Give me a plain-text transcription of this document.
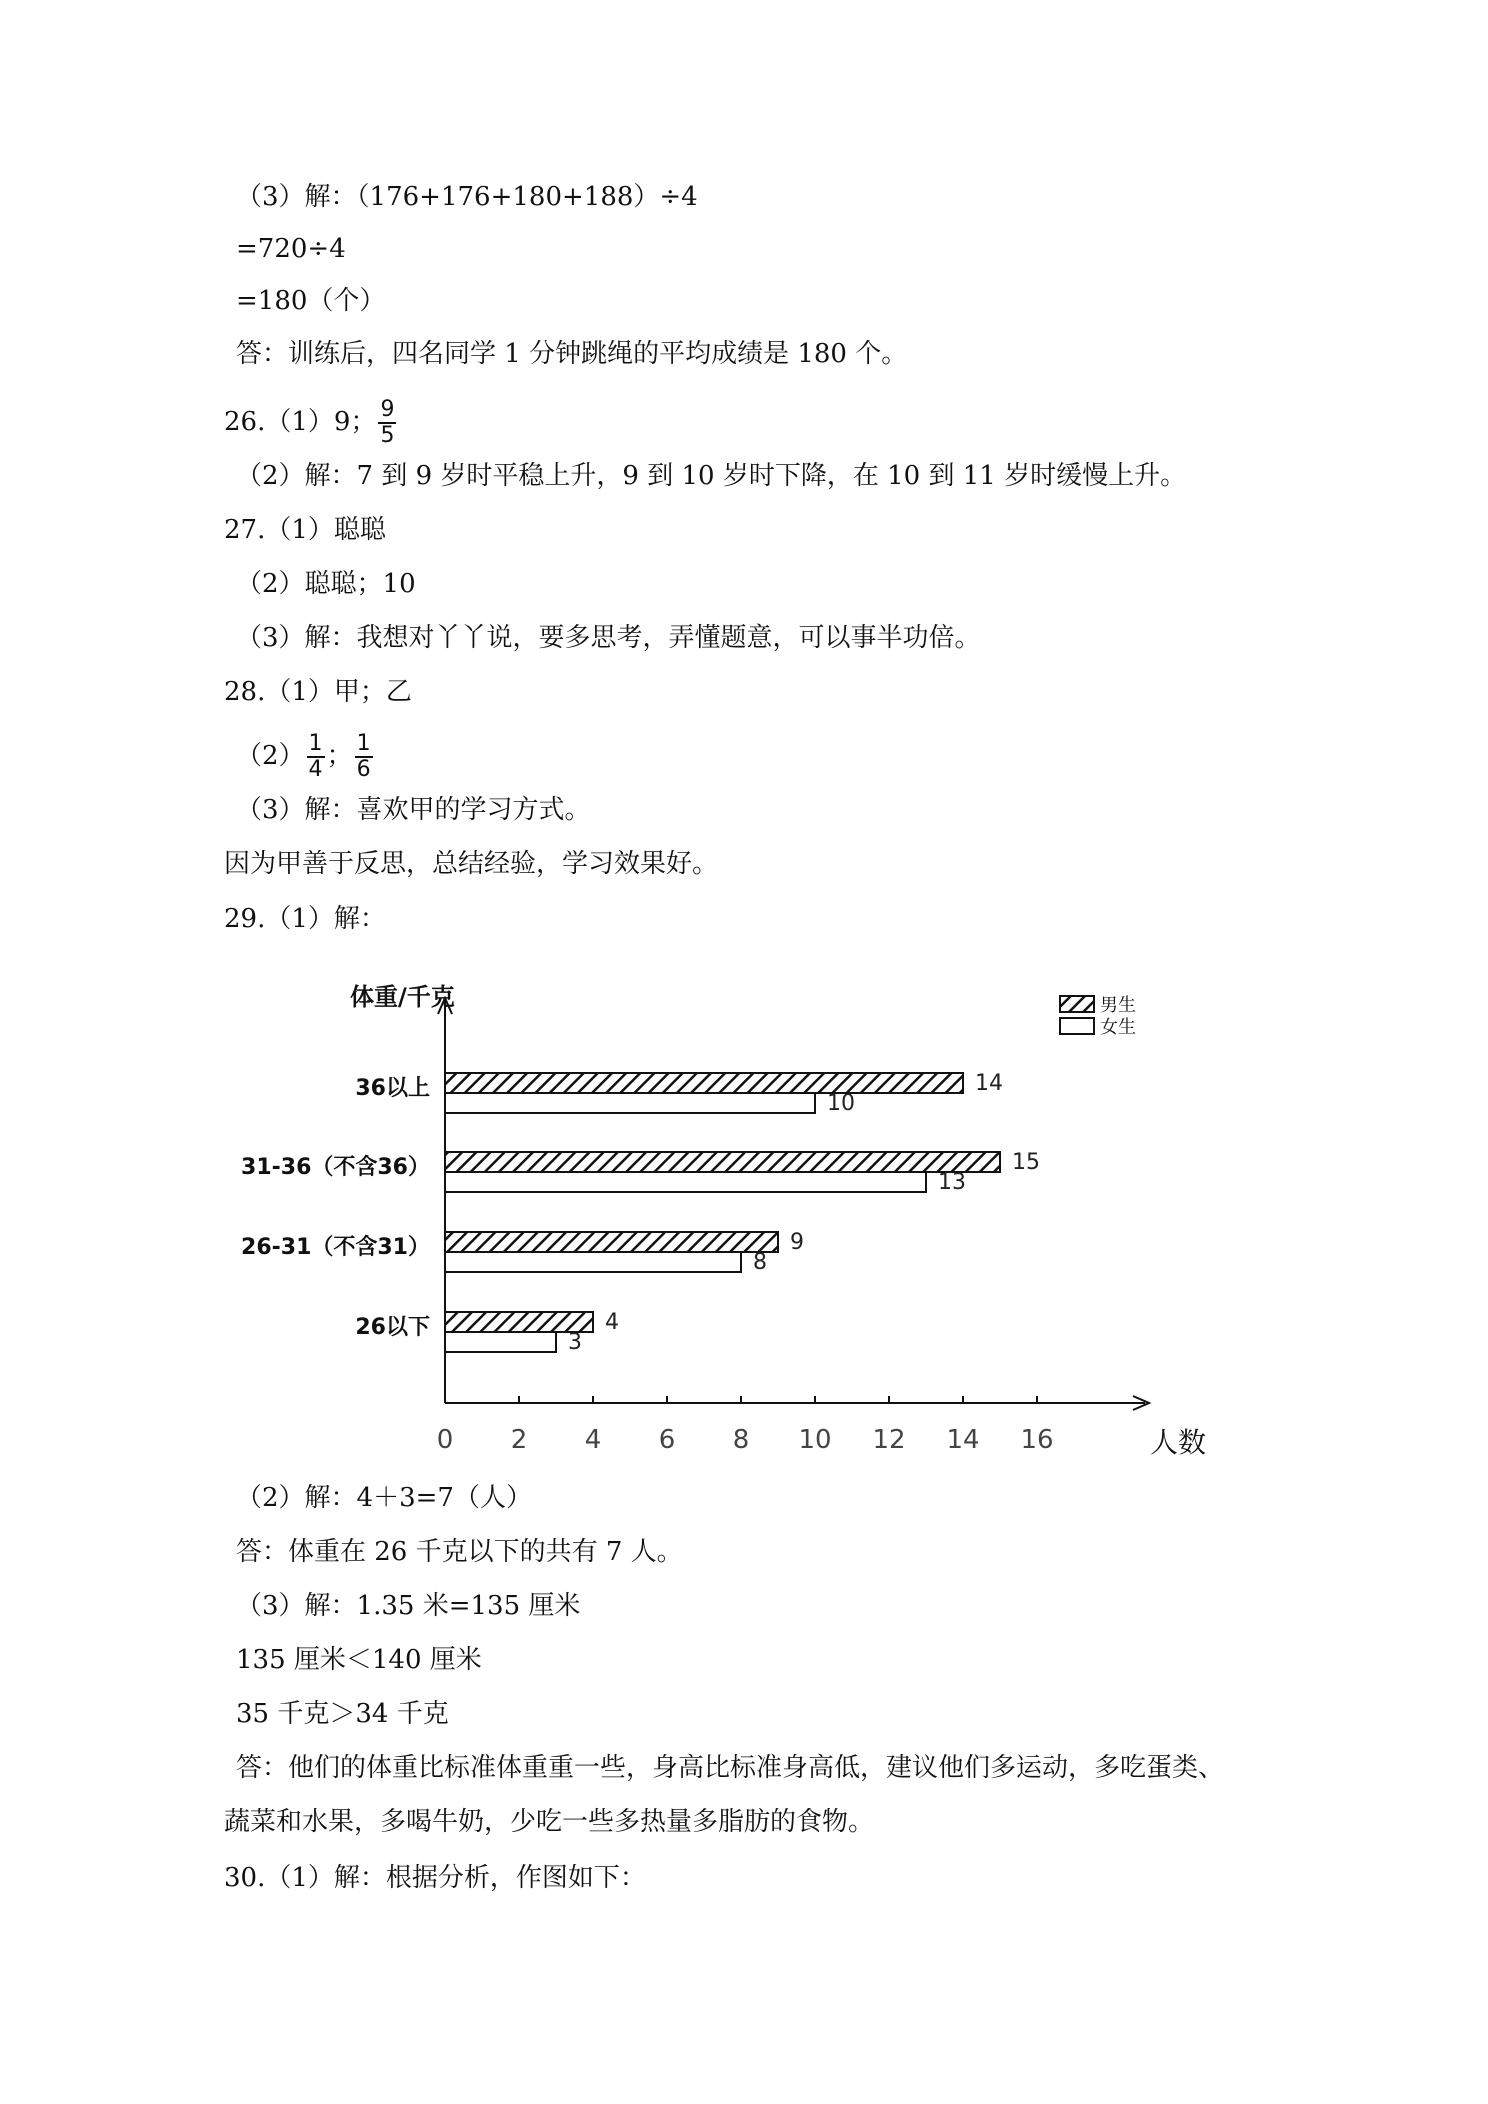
（3）解：（176+176+180+188）÷4
=720÷4
=180（个）
答：训练后，四名同学 1 分钟跳绳的平均成绩是 180 个。
26.（1）9； $\frac{9}{5}$
（2）解：7 到 9 岁时平稳上升，9 到 10 岁时下降，在 10 到 11 岁时缓慢上升。
27.（1）聪聪
（2）聪聪；10
（3）解：我想对丫丫说，要多思考，弄懂题意，可以事半功倍。
28.（1）甲；乙
$(2) \frac{1}{4}$ ； $\frac{1}{6}$
（3）解：喜欢甲的学习方式。
因为甲善于反思，总结经验，学习效果好。
29.（1）解：
体重/千克
人数
0 2 4 6 8 10 12 14 16
36以上	14
10
31-36（不含36）	15
13
26-31（不含31）	9
8
26以下	4
3
男生
女生
（2）解：4＋3=7（人）
答：体重在 26 千克以下的共有 7 人。
（3）解：1.35 米=135 厘米
135 厘米＜140 厘米
35 千克＞34 千克
答：他们的体重比标准体重重一些，身高比标准身高低，建议他们多运动，多吃蛋类、
蔬菜和水果，多喝牛奶，少吃一些多热量多脂肪的食物。
30.（1）解：根据分析，作图如下：
